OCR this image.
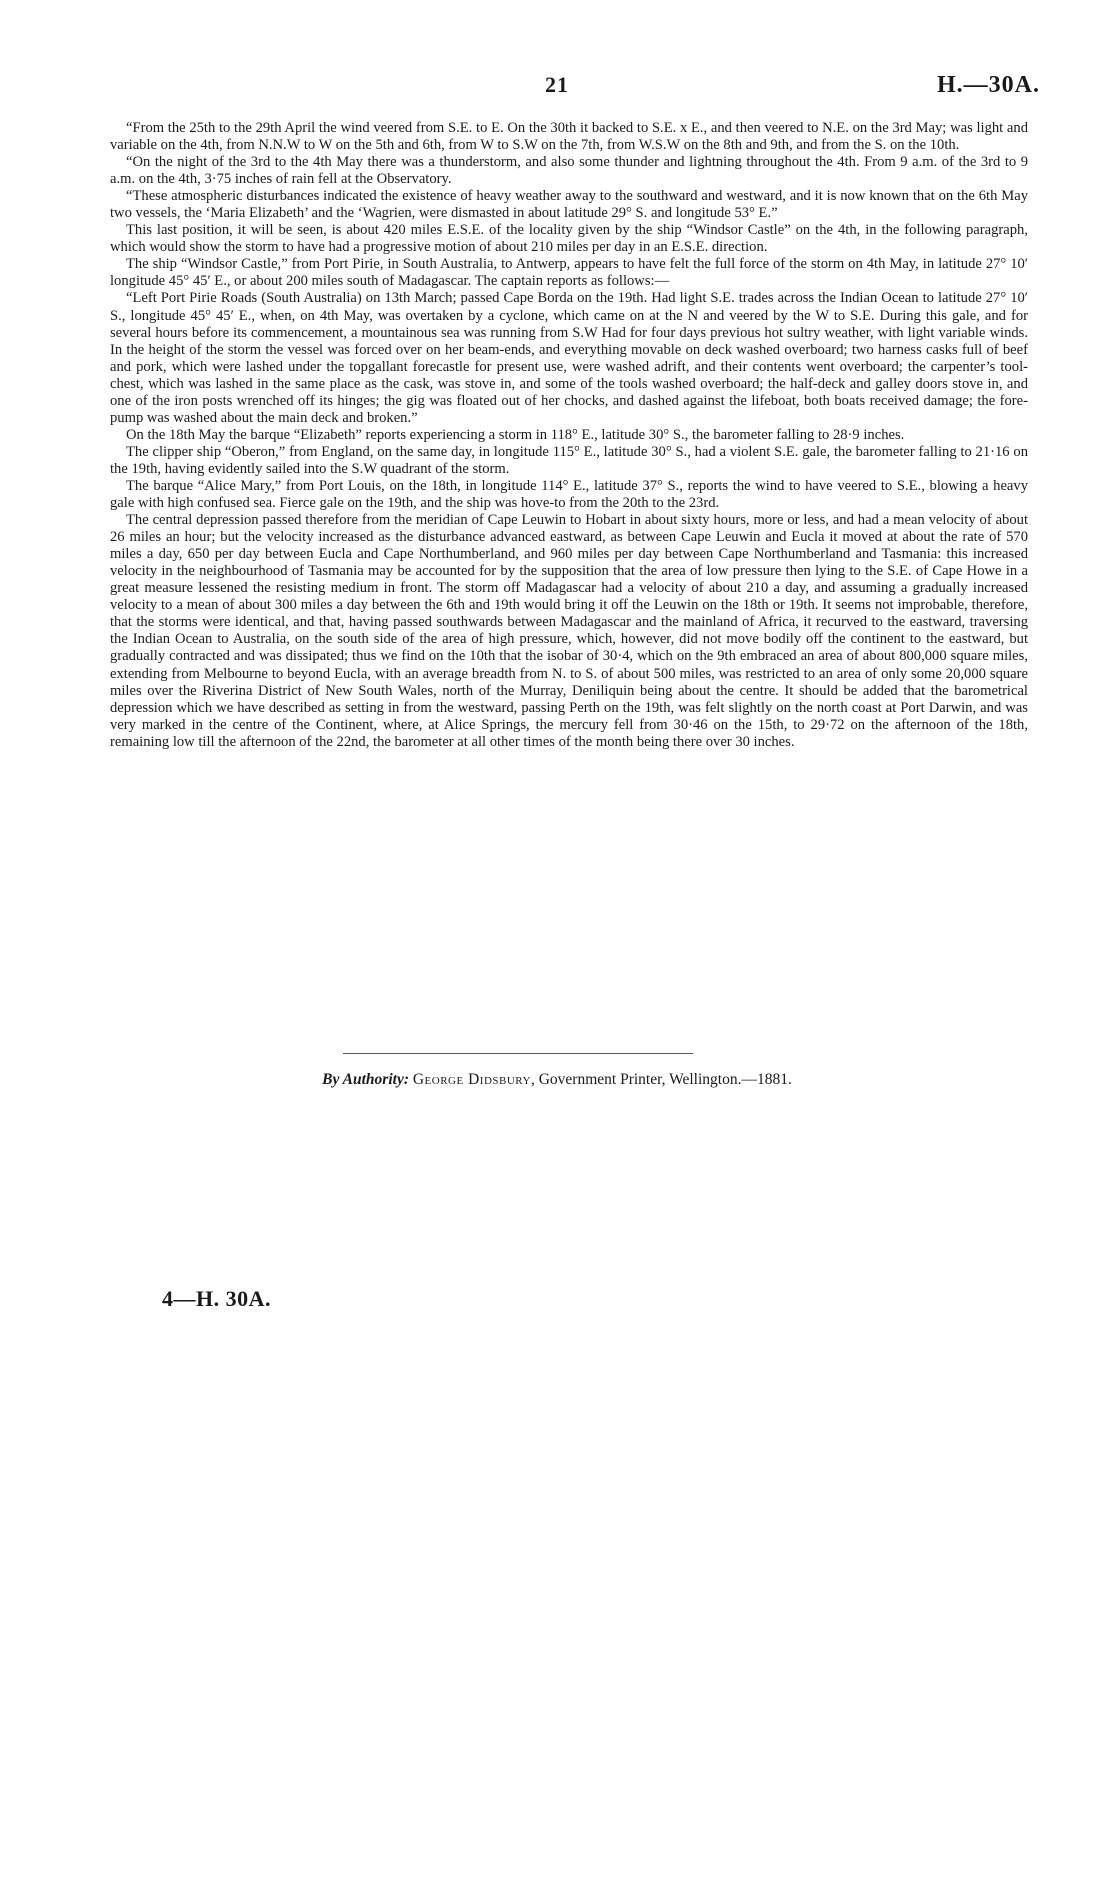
21	H.—30A.

“From the 25th to the 29th April the wind veered from S.E. to E. On the 30th it backed to S.E. x E., and then veered to N.E. on the 3rd May; was light and variable on the 4th, from N.N.W to W on the 5th and 6th, from W to S.W on the 7th, from W.S.W on the 8th and 9th, and from the S. on the 10th.

“On the night of the 3rd to the 4th May there was a thunderstorm, and also some thunder and lightning throughout the 4th. From 9 a.m. of the 3rd to 9 a.m. on the 4th, 3·75 inches of rain fell at the Observatory.

“These atmospheric disturbances indicated the existence of heavy weather away to the southward and westward, and it is now known that on the 6th May two vessels, the ‘Maria Elizabeth’ and the ‘Wagrien, were dismasted in about latitude 29° S. and longitude 53° E.”

This last position, it will be seen, is about 420 miles E.S.E. of the locality given by the ship “Windsor Castle” on the 4th, in the following paragraph, which would show the storm to have had a progressive motion of about 210 miles per day in an E.S.E. direction.

The ship “Windsor Castle,” from Port Pirie, in South Australia, to Antwerp, appears to have felt the full force of the storm on 4th May, in latitude 27° 10′ longitude 45° 45′ E., or about 200 miles south of Madagascar. The captain reports as follows:—

“Left Port Pirie Roads (South Australia) on 13th March; passed Cape Borda on the 19th. Had light S.E. trades across the Indian Ocean to latitude 27° 10′ S., longitude 45° 45′ E., when, on 4th May, was overtaken by a cyclone, which came on at the N and veered by the W to S.E. During this gale, and for several hours before its commencement, a mountainous sea was running from S.W Had for four days previous hot sultry weather, with light variable winds. In the height of the storm the vessel was forced over on her beam-ends, and everything movable on deck washed overboard; two harness casks full of beef and pork, which were lashed under the topgallant forecastle for present use, were washed adrift, and their contents went overboard; the carpenter’s tool-chest, which was lashed in the same place as the cask, was stove in, and some of the tools washed overboard; the half-deck and galley doors stove in, and one of the iron posts wrenched off its hinges; the gig was floated out of her chocks, and dashed against the lifeboat, both boats received damage; the fore-pump was washed about the main deck and broken.”

On the 18th May the barque “Elizabeth” reports experiencing a storm in 118° E., latitude 30° S., the barometer falling to 28·9 inches.

The clipper ship “Oberon,” from England, on the same day, in longitude 115° E., latitude 30° S., had a violent S.E. gale, the barometer falling to 21·16 on the 19th, having evidently sailed into the S.W quadrant of the storm.

The barque “Alice Mary,” from Port Louis, on the 18th, in longitude 114° E., latitude 37° S., reports the wind to have veered to S.E., blowing a heavy gale with high confused sea. Fierce gale on the 19th, and the ship was hove-to from the 20th to the 23rd.

The central depression passed therefore from the meridian of Cape Leuwin to Hobart in about sixty hours, more or less, and had a mean velocity of about 26 miles an hour; but the velocity increased as the disturbance advanced eastward, as between Cape Leuwin and Eucla it moved at about the rate of 570 miles a day, 650 per day between Eucla and Cape Northumberland, and 960 miles per day between Cape Northumberland and Tasmania: this increased velocity in the neighbourhood of Tasmania may be accounted for by the supposition that the area of low pressure then lying to the S.E. of Cape Howe in a great measure lessened the resisting medium in front. The storm off Madagascar had a velocity of about 210 a day, and assuming a gradually increased velocity to a mean of about 300 miles a day between the 6th and 19th would bring it off the Leuwin on the 18th or 19th. It seems not improbable, therefore, that the storms were identical, and that, having passed southwards between Madagascar and the mainland of Africa, it recurved to the eastward, traversing the Indian Ocean to Australia, on the south side of the area of high pressure, which, however, did not move bodily off the continent to the eastward, but gradually contracted and was dissipated; thus we find on the 10th that the isobar of 30·4, which on the 9th embraced an area of about 800,000 square miles, extending from Melbourne to beyond Eucla, with an average breadth from N. to S. of about 500 miles, was restricted to an area of only some 20,000 square miles over the Riverina District of New South Wales, north of the Murray, Deniliquin being about the centre. It should be added that the barometrical depression which we have described as setting in from the westward, passing Perth on the 19th, was felt slightly on the north coast at Port Darwin, and was very marked in the centre of the Continent, where, at Alice Springs, the mercury fell from 30·46 on the 15th, to 29·72 on the afternoon of the 18th, remaining low till the afternoon of the 22nd, the barometer at all other times of the month being there over 30 inches.

By Authority: George Didsbury, Government Printer, Wellington.—1881.
4—H. 30A.
